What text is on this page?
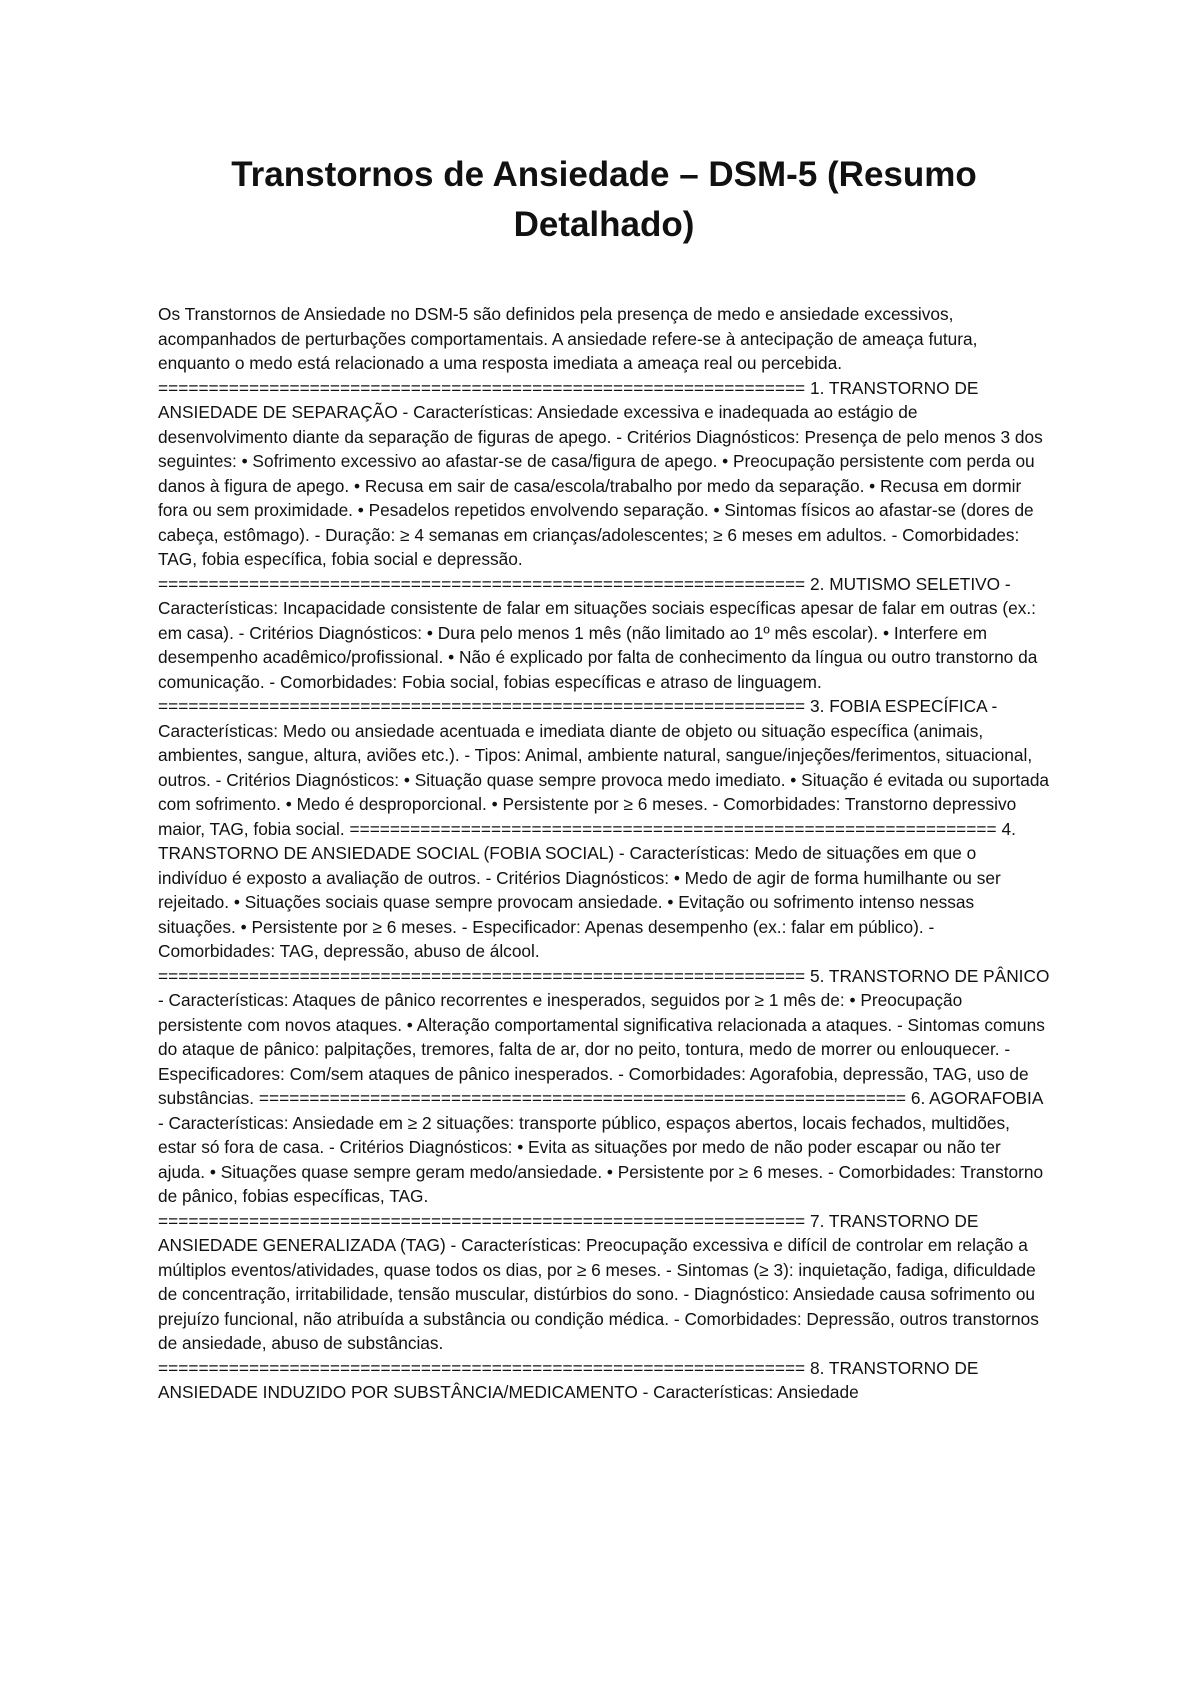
Transtornos de Ansiedade – DSM-5 (Resumo Detalhado)

Os Transtornos de Ansiedade no DSM-5 são definidos pela presença de medo e ansiedade excessivos, acompanhados de perturbações comportamentais. A ansiedade refere-se à antecipação de ameaça futura, enquanto o medo está relacionado a uma resposta imediata a ameaça real ou percebida. ================================================================ 1. TRANSTORNO DE ANSIEDADE DE SEPARAÇÃO - Características: Ansiedade excessiva e inadequada ao estágio de desenvolvimento diante da separação de figuras de apego. - Critérios Diagnósticos: Presença de pelo menos 3 dos seguintes: • Sofrimento excessivo ao afastar-se de casa/figura de apego. • Preocupação persistente com perda ou danos à figura de apego. • Recusa em sair de casa/escola/trabalho por medo da separação. • Recusa em dormir fora ou sem proximidade. • Pesadelos repetidos envolvendo separação. • Sintomas físicos ao afastar-se (dores de cabeça, estômago). - Duração: ≥ 4 semanas em crianças/adolescentes; ≥ 6 meses em adultos. - Comorbidades: TAG, fobia específica, fobia social e depressão. ================================================================ 2. MUTISMO SELETIVO - Características: Incapacidade consistente de falar em situações sociais específicas apesar de falar em outras (ex.: em casa). - Critérios Diagnósticos: • Dura pelo menos 1 mês (não limitado ao 1º mês escolar). • Interfere em desempenho acadêmico/profissional. • Não é explicado por falta de conhecimento da língua ou outro transtorno da comunicação. - Comorbidades: Fobia social, fobias específicas e atraso de linguagem. ================================================================ 3. FOBIA ESPECÍFICA - Características: Medo ou ansiedade acentuada e imediata diante de objeto ou situação específica (animais, ambientes, sangue, altura, aviões etc.). - Tipos: Animal, ambiente natural, sangue/injeções/ferimentos, situacional, outros. - Critérios Diagnósticos: • Situação quase sempre provoca medo imediato. • Situação é evitada ou suportada com sofrimento. • Medo é desproporcional. • Persistente por ≥ 6 meses. - Comorbidades: Transtorno depressivo maior, TAG, fobia social. ================================================================ 4. TRANSTORNO DE ANSIEDADE SOCIAL (FOBIA SOCIAL) - Características: Medo de situações em que o indivíduo é exposto a avaliação de outros. - Critérios Diagnósticos: • Medo de agir de forma humilhante ou ser rejeitado. • Situações sociais quase sempre provocam ansiedade. • Evitação ou sofrimento intenso nessas situações. • Persistente por ≥ 6 meses. - Especificador: Apenas desempenho (ex.: falar em público). - Comorbidades: TAG, depressão, abuso de álcool. ================================================================ 5. TRANSTORNO DE PÂNICO - Características: Ataques de pânico recorrentes e inesperados, seguidos por ≥ 1 mês de: • Preocupação persistente com novos ataques. • Alteração comportamental significativa relacionada a ataques. - Sintomas comuns do ataque de pânico: palpitações, tremores, falta de ar, dor no peito, tontura, medo de morrer ou enlouquecer. - Especificadores: Com/sem ataques de pânico inesperados. - Comorbidades: Agorafobia, depressão, TAG, uso de substâncias. ================================================================ 6. AGORAFOBIA - Características: Ansiedade em ≥ 2 situações: transporte público, espaços abertos, locais fechados, multidões, estar só fora de casa. - Critérios Diagnósticos: • Evita as situações por medo de não poder escapar ou não ter ajuda. • Situações quase sempre geram medo/ansiedade. • Persistente por ≥ 6 meses. - Comorbidades: Transtorno de pânico, fobias específicas, TAG. ================================================================ 7. TRANSTORNO DE ANSIEDADE GENERALIZADA (TAG) - Características: Preocupação excessiva e difícil de controlar em relação a múltiplos eventos/atividades, quase todos os dias, por ≥ 6 meses. - Sintomas (≥ 3): inquietação, fadiga, dificuldade de concentração, irritabilidade, tensão muscular, distúrbios do sono. - Diagnóstico: Ansiedade causa sofrimento ou prejuízo funcional, não atribuída a substância ou condição médica. - Comorbidades: Depressão, outros transtornos de ansiedade, abuso de substâncias. ================================================================ 8. TRANSTORNO DE ANSIEDADE INDUZIDO POR SUBSTÂNCIA/MEDICAMENTO - Características: Ansiedade
